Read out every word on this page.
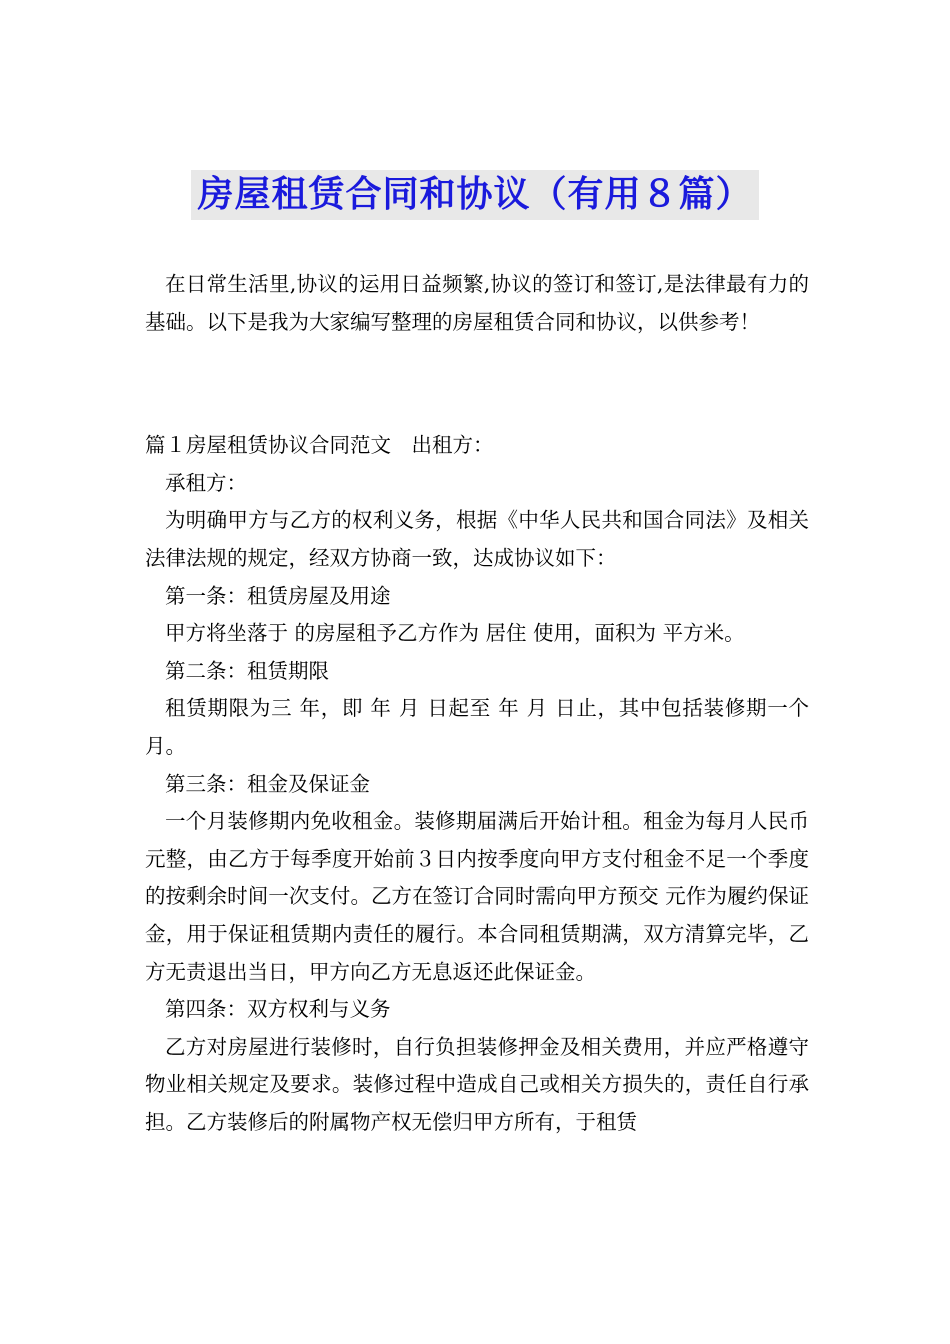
房屋租赁合同和协议（有用８篇）

在日常生活里,协议的运用日益频繁,协议的签订和签订,是法律最有力的基础。以下是我为大家编写整理的房屋租赁合同和协议，以供参考！

篇１房屋租赁协议合同范文　出租方：

承租方：

为明确甲方与乙方的权利义务，根据《中华人民共和国合同法》及相关法律法规的规定，经双方协商一致，达成协议如下：

第一条：租赁房屋及用途

甲方将坐落于 的房屋租予乙方作为 居住 使用，面积为 平方米。

第二条：租赁期限

租赁期限为三 年，即 年 月 日起至 年 月 日止，其中包括装修期一个月。

第三条：租金及保证金

一个月装修期内免收租金。装修期届满后开始计租。租金为每月人民币 元整，由乙方于每季度开始前３日内按季度向甲方支付租金不足一个季度的按剩余时间一次支付。乙方在签订合同时需向甲方预交 元作为履约保证金，用于保证租赁期内责任的履行。本合同租赁期满，双方清算完毕，乙方无责退出当日，甲方向乙方无息返还此保证金。

第四条：双方权利与义务

乙方对房屋进行装修时，自行负担装修押金及相关费用，并应严格遵守物业相关规定及要求。装修过程中造成自己或相关方损失的，责任自行承担。乙方装修后的附属物产权无偿归甲方所有，于租赁
